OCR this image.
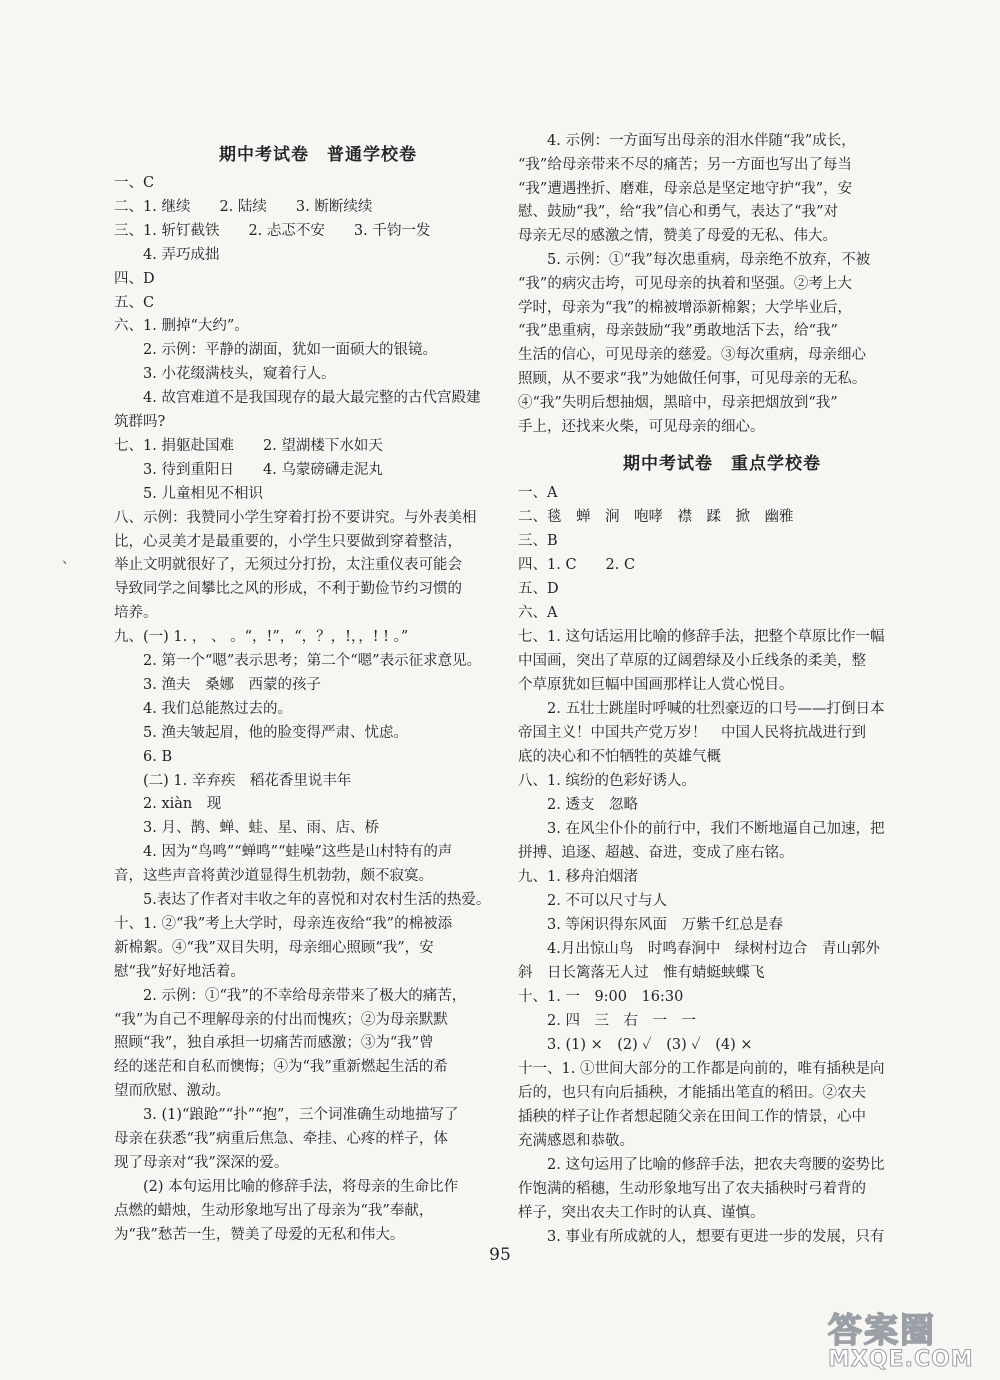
期中考试卷　普通学校卷
一、C
二、1. 继续　　2. 陆续　　3. 断断续续
三、1. 斩钉截铁　　2. 忐忑不安　　3. 千钧一发
　　4. 弄巧成拙
四、D
五、C
六、1. 删掉“大约”。
　　2. 示例：平静的湖面，犹如一面硕大的银镜。
　　3. 小花缀满枝头，窥着行人。
　　4. 故宫难道不是我国现存的最大最完整的古代宫殿建
筑群吗?
七、1. 捐躯赴国难　　2. 望湖楼下水如天
　　3. 待到重阳日　　4. 乌蒙磅礴走泥丸
　　5. 儿童相见不相识
八、示例：我赞同小学生穿着打扮不要讲究。与外表美相
比，心灵美才是最重要的，小学生只要做到穿着整洁，
举止文明就很好了，无须过分打扮，太注重仪表可能会
导致同学之间攀比之风的形成，不利于勤俭节约习惯的
培养。
九、(一) 1. ， 、 。“，!”，“，？，!，，! ! 。”
　　2. 第一个“嗯”表示思考；第二个“嗯”表示征求意见。
　　3. 渔夫　桑娜　西蒙的孩子
　　4. 我们总能熬过去的。
　　5. 渔夫皱起眉，他的脸变得严肃、忧虑。
　　6. B
　　(二) 1. 辛弃疾　稻花香里说丰年
　　2. xiàn　现
　　3. 月、鹊、蝉、蛙、星、雨、店、桥
　　4. 因为“鸟鸣”“蝉鸣”“蛙噪”这些是山村特有的声
音，这些声音将黄沙道显得生机勃勃，颇不寂寞。
　　5.表达了作者对丰收之年的喜悦和对农村生活的热爱。
十、1. ②“我”考上大学时，母亲连夜给“我”的棉被添
新棉絮。④“我”双目失明，母亲细心照顾“我”，安
慰“我”好好地活着。
　　2. 示例：①“我”的不幸给母亲带来了极大的痛苦，
“我”为自己不理解母亲的付出而愧疚；②为母亲默默
照顾“我”，独自承担一切痛苦而感激；③为“我”曾
经的迷茫和自私而懊悔；④为“我”重新燃起生活的希
望而欣慰、激动。
　　3. (1)“踉跄”“扑”“抱”，三个词准确生动地描写了
母亲在获悉“我”病重后焦急、牵挂、心疼的样子，体
现了母亲对“我”深深的爱。
　　(2) 本句运用比喻的修辞手法，将母亲的生命比作
点燃的蜡烛，生动形象地写出了母亲为“我”奉献，
为“我”愁苦一生，赞美了母爱的无私和伟大。
　　4. 示例：一方面写出母亲的泪水伴随“我”成长，
“我”给母亲带来不尽的痛苦；另一方面也写出了每当
“我”遭遇挫折、磨难，母亲总是坚定地守护“我”，安
慰、鼓励“我”，给“我”信心和勇气，表达了“我”对
母亲无尽的感激之情，赞美了母爱的无私、伟大。
　　5. 示例：①“我”每次患重病，母亲绝不放弃，不被
“我”的病灾击垮，可见母亲的执着和坚强。②考上大
学时，母亲为“我”的棉被增添新棉絮；大学毕业后，
“我”患重病，母亲鼓励“我”勇敢地活下去，给“我”
生活的信心，可见母亲的慈爱。③每次重病，母亲细心
照顾，从不要求“我”为她做任何事，可见母亲的无私。
④“我”失明后想抽烟，黑暗中，母亲把烟放到“我”
手上，还找来火柴，可见母亲的细心。
期中考试卷　重点学校卷
一、A
二、毯　蝉　涧　咆哮　襟　蹂　掀　幽雅
三、B
四、1. C　　2. C
五、D
六、A
七、1. 这句话运用比喻的修辞手法，把整个草原比作一幅
中国画，突出了草原的辽阔碧绿及小丘线条的柔美，整
个草原犹如巨幅中国画那样让人赏心悦目。
　　2. 五壮士跳崖时呼喊的壮烈豪迈的口号——打倒日本
帝国主义！中国共产党万岁！　中国人民将抗战进行到
底的决心和不怕牺牲的英雄气概
八、1. 缤纷的色彩好诱人。
　　2. 透支　忽略
　　3. 在风尘仆仆的前行中，我们不断地逼自己加速，把
拼搏、追逐、超越、奋进，变成了座右铭。
九、1. 移舟泊烟渚
　　2. 不可以尺寸与人
　　3. 等闲识得东风面　万紫千红总是春
　　4.月出惊山鸟　时鸣春涧中　绿树村边合　青山郭外
斜　日长篱落无人过　惟有蜻蜓蛱蝶飞
十、1. 一　9:00　16:30
　　2. 四　三　右　一　一
　　3. (1) ×　(2) ✓　(3) ✓　(4) ×
十一、1. ①世间大部分的工作都是向前的，唯有插秧是向
后的，也只有向后插秧，才能插出笔直的稻田。②农夫
插秧的样子让作者想起随父亲在田间工作的情景，心中
充满感恩和恭敬。
　　2. 这句运用了比喻的修辞手法，把农夫弯腰的姿势比
作饱满的稻穗，生动形象地写出了农夫插秧时弓着背的
样子，突出农夫工作时的认真、谨慎。
　　3. 事业有所成就的人，想要有更进一步的发展，只有
、
95
答案圈
MXQE.COM
